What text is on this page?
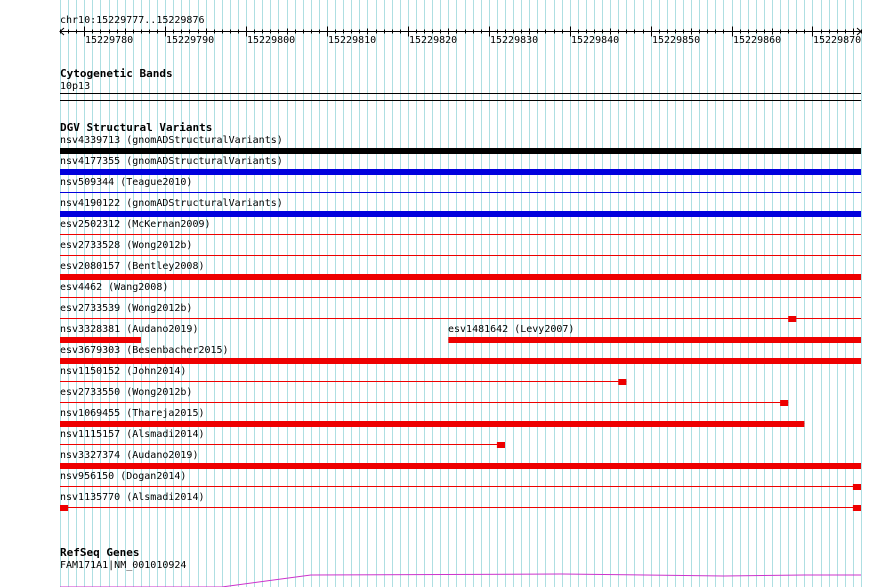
chr10:15229777..15229876
15229780	15229790	15229800	15229810	15229820	15229830	15229840	15229850	15229860	15229870
Cytogenetic Bands
10p13
DGV Structural Variants
nsv4339713 (gnomADStructuralVariants)
nsv4177355 (gnomADStructuralVariants)
nsv509344 (Teague2010)
nsv4190122 (gnomADStructuralVariants)
esv2502312 (McKernan2009)
esv2733528 (Wong2012b)
esv2080157 (Bentley2008)
esv4462 (Wang2008)
esv2733539 (Wong2012b)
nsv3328381 (Audano2019)	esv1481642 (Levy2007)
esv3679303 (Besenbacher2015)
nsv1150152 (John2014)
esv2733550 (Wong2012b)
nsv1069455 (Thareja2015)
nsv1115157 (Alsmadi2014)
nsv3327374 (Audano2019)
nsv956150 (Dogan2014)
nsv1135770 (Alsmadi2014)
RefSeq Genes
FAM171A1|NM_001010924
